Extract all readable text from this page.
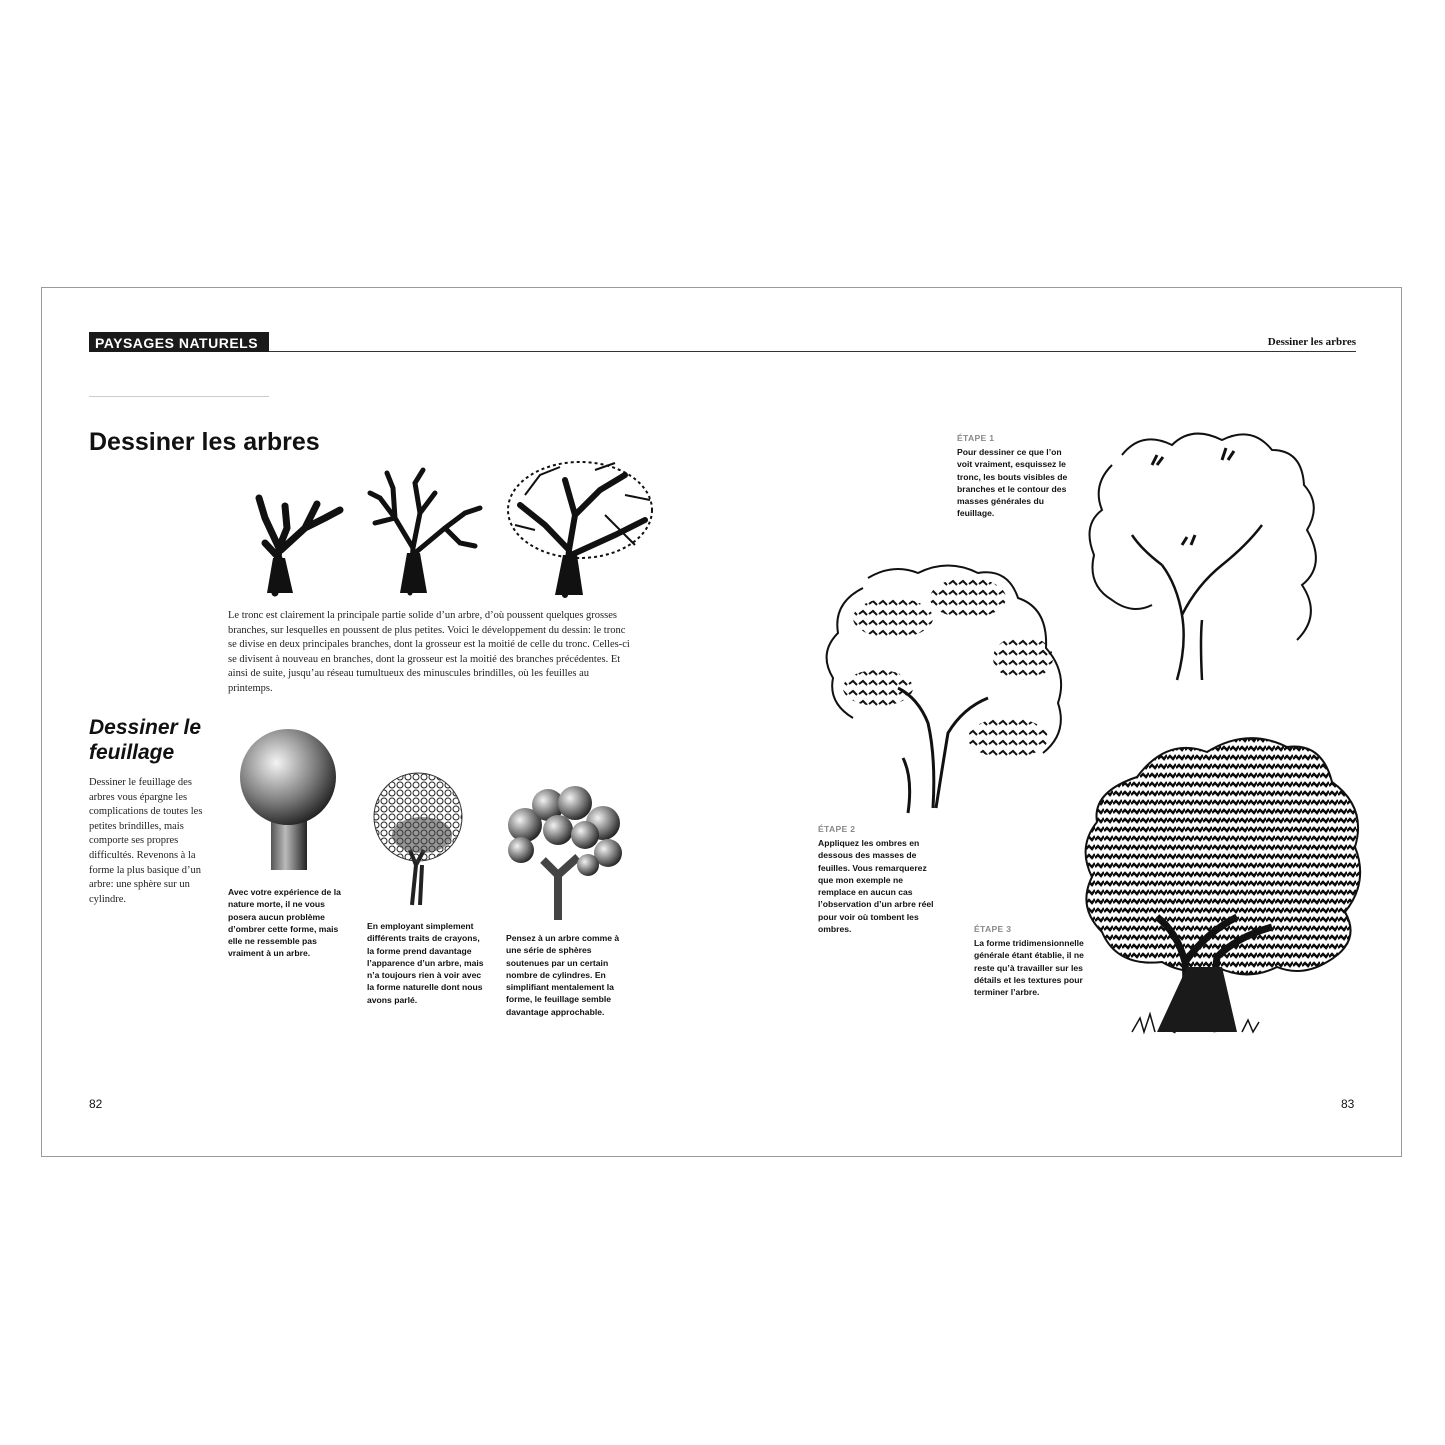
PAYSAGES NATURELS	Dessiner les arbres
Dessiner les arbres
Le tronc est clairement la principale partie solide d’un arbre, d’où poussent quelques grosses branches, sur lesquelles en poussent de plus petites. Voici le développement du dessin: le tronc se divise en deux principales branches, dont la grosseur est la moitié de celle du tronc. Celles-ci se divisent à nouveau en branches, dont la grosseur est la moitié des branches précédentes. Et ainsi de suite, jusqu’au réseau tumultueux des minuscules brindilles, où les feuilles au printemps.
Dessiner le feuillage
Dessiner le feuillage des arbres vous épargne les complications de toutes les petites brindilles, mais comporte ses propres difficultés. Revenons à la forme la plus basique d’un arbre: une sphère sur un cylindre.
Avec votre expérience de la nature morte, il ne vous posera aucun problème d’ombrer cette forme, mais elle ne ressemble pas vraiment à un arbre.
En employant simplement différents traits de crayons, la forme prend davantage l’apparence d’un arbre, mais n’a toujours rien à voir avec la forme naturelle dont nous avons parlé.
Pensez à un arbre comme à une série de sphères soutenues par un certain nombre de cylindres. En simplifiant mentalement la forme, le feuillage semble davantage approchable.
82
ÉTAPE 1
Pour dessiner ce que l’on voit vraiment, esquissez le tronc, les bouts visibles de branches et le contour des masses générales du feuillage.
ÉTAPE 2
Appliquez les ombres en dessous des masses de feuilles. Vous remarquerez que mon exemple ne remplace en aucun cas l’observation d’un arbre réel pour voir où tombent les ombres.	ÉTAPE 3
La forme tridimensionnelle générale étant établie, il ne reste qu’à travailler sur les détails et les textures pour terminer l’arbre.
83
